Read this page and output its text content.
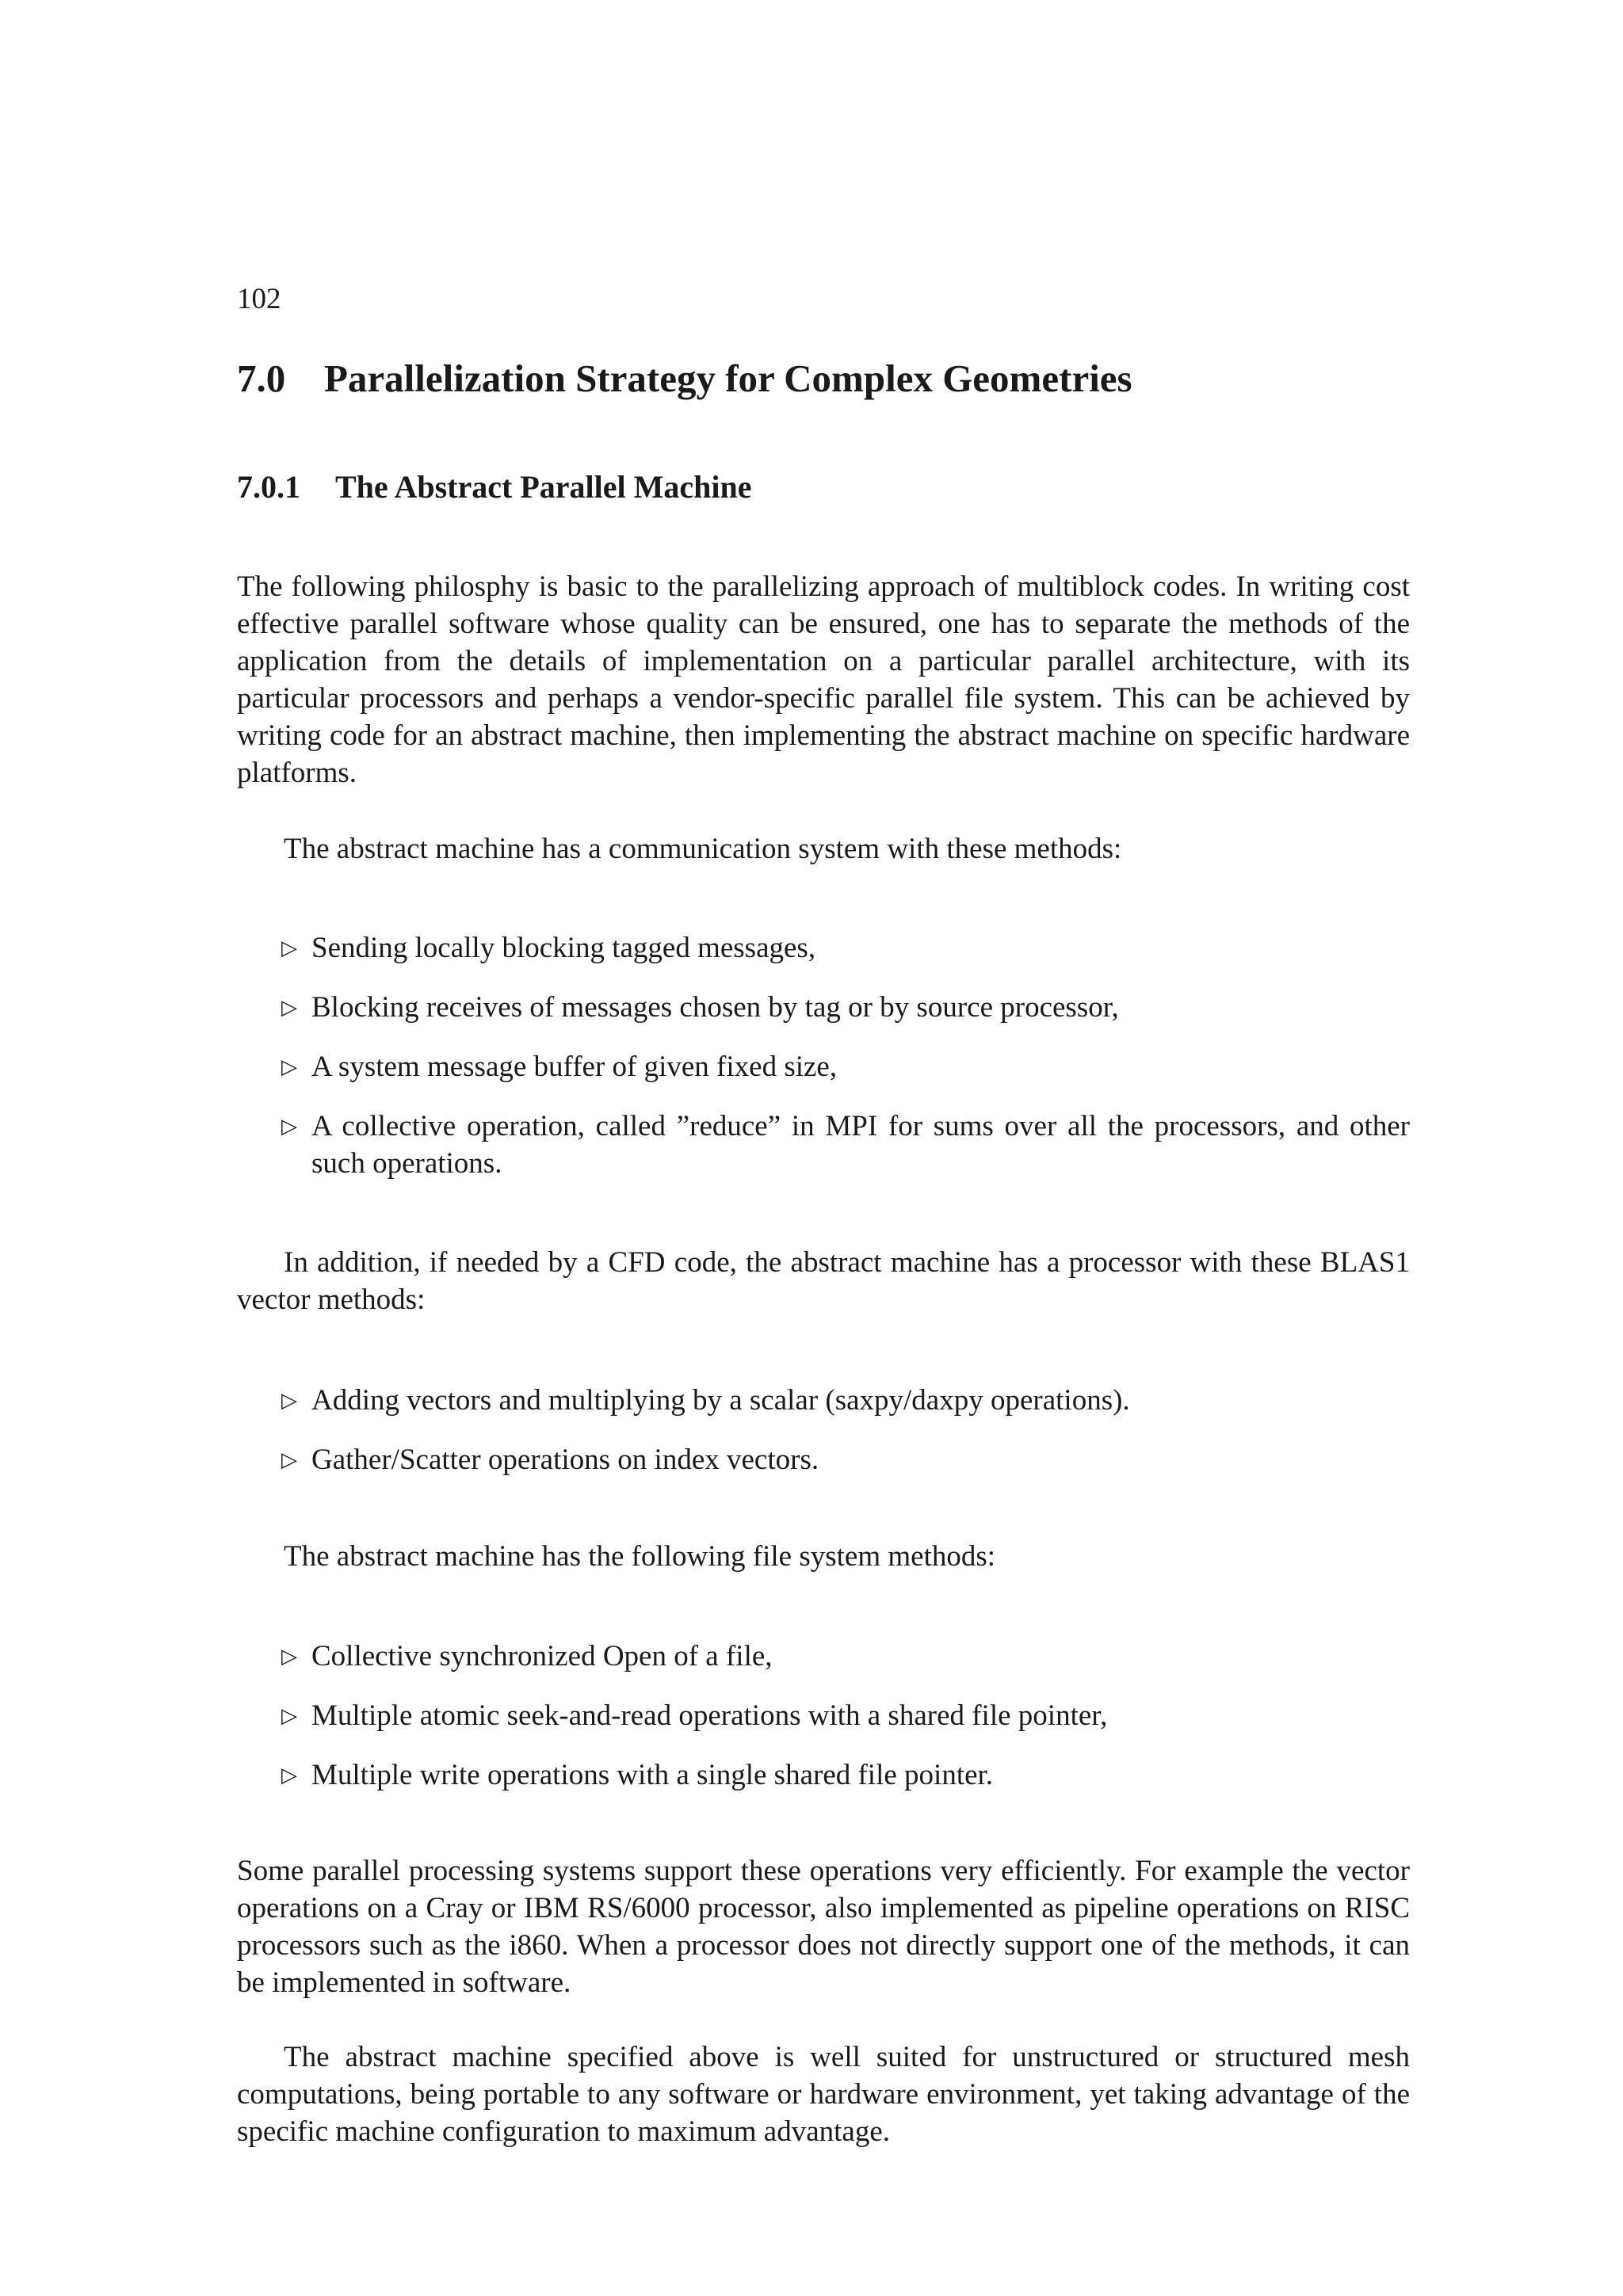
102
7.0 Parallelization Strategy for Complex Geometries
7.0.1 The Abstract Parallel Machine

The following philosphy is basic to the parallelizing approach of multiblock codes. In writing cost effective parallel software whose quality can be ensured, one has to separate the methods of the application from the details of implementation on a particular parallel architecture, with its particular processors and perhaps a vendor-specific parallel file system. This can be achieved by writing code for an abstract machine, then implementing the abstract machine on specific hardware platforms.

The abstract machine has a communication system with these methods:

▷ Sending locally blocking tagged messages,
▷ Blocking receives of messages chosen by tag or by source processor,
▷ A system message buffer of given fixed size,
▷ A collective operation, called ”reduce” in MPI for sums over all the processors, and other such operations.

In addition, if needed by a CFD code, the abstract machine has a processor with these BLAS1 vector methods:

▷ Adding vectors and multiplying by a scalar (saxpy/daxpy operations).
▷ Gather/Scatter operations on index vectors.

The abstract machine has the following file system methods:

▷ Collective synchronized Open of a file,
▷ Multiple atomic seek-and-read operations with a shared file pointer,
▷ Multiple write operations with a single shared file pointer.

Some parallel processing systems support these operations very efficiently. For example the vector operations on a Cray or IBM RS/6000 processor, also implemented as pipeline operations on RISC processors such as the i860. When a processor does not directly support one of the methods, it can be implemented in software.

The abstract machine specified above is well suited for unstructured or structured mesh computations, being portable to any software or hardware environment, yet taking advantage of the specific machine configuration to maximum advantage.
